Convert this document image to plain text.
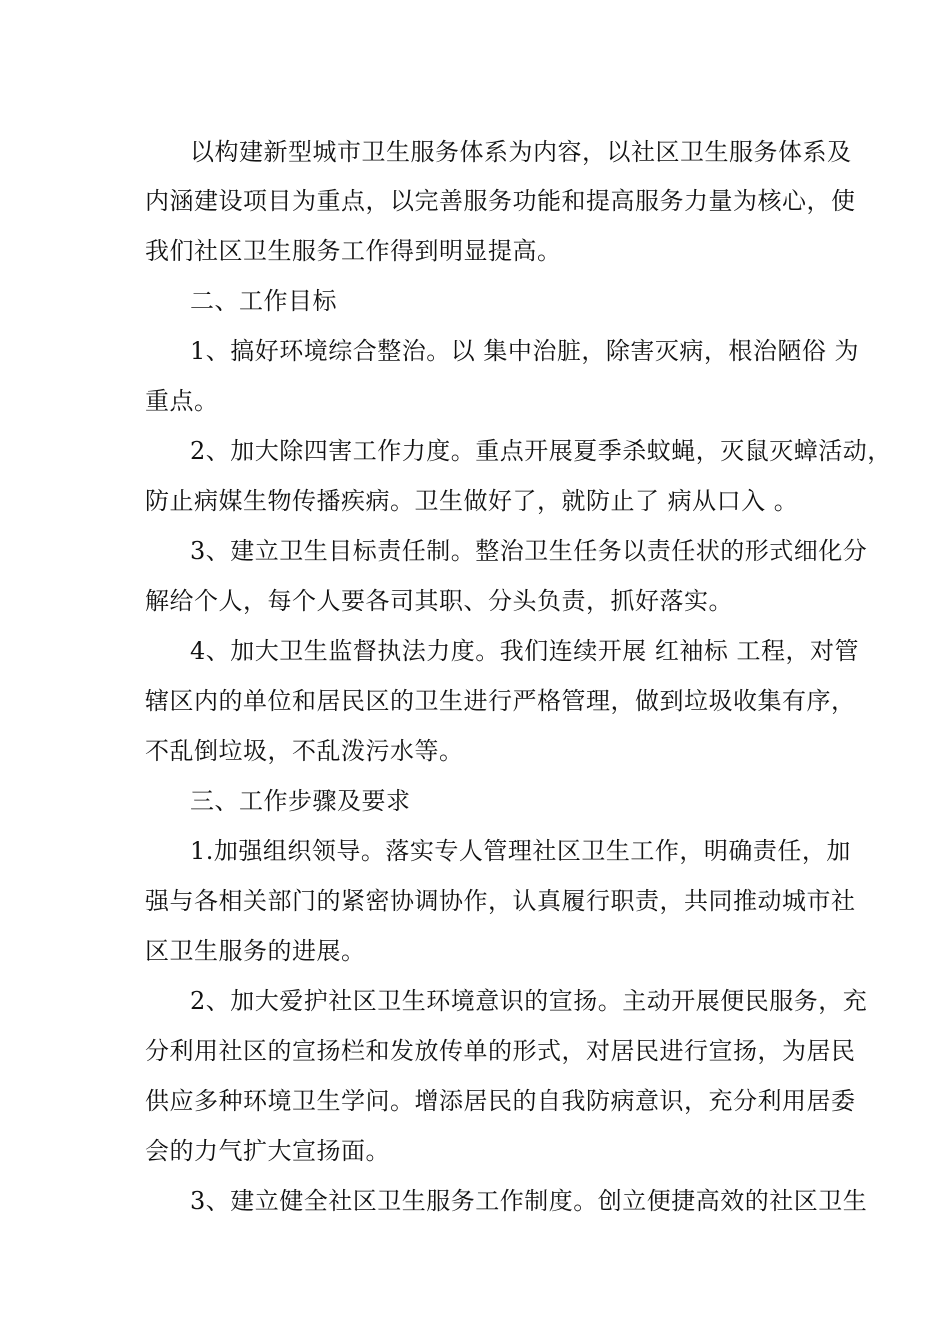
以构建新型城市卫生服务体系为内容，以社区卫生服务体系及
内涵建设项目为重点，以完善服务功能和提高服务力量为核心，使
我们社区卫生服务工作得到明显提高。
二、工作目标
1、搞好环境综合整治。以 集中治脏，除害灭病，根治陋俗 为
重点。
2、加大除四害工作力度。重点开展夏季杀蚊蝇，灭鼠灭蟑活动，
防止病媒生物传播疾病。卫生做好了，就防止了 病从口入 。
3、建立卫生目标责任制。整治卫生任务以责任状的形式细化分
解给个人，每个人要各司其职、分头负责，抓好落实。
4、加大卫生监督执法力度。我们连续开展 红袖标 工程，对管
辖区内的单位和居民区的卫生进行严格管理，做到垃圾收集有序，
不乱倒垃圾，不乱泼污水等。
三、工作步骤及要求
1.加强组织领导。落实专人管理社区卫生工作，明确责任，加
强与各相关部门的紧密协调协作，认真履行职责，共同推动城市社
区卫生服务的进展。
2、加大爱护社区卫生环境意识的宣扬。主动开展便民服务，充
分利用社区的宣扬栏和发放传单的形式，对居民进行宣扬，为居民
供应多种环境卫生学问。增添居民的自我防病意识，充分利用居委
会的力气扩大宣扬面。
3、建立健全社区卫生服务工作制度。创立便捷高效的社区卫生
